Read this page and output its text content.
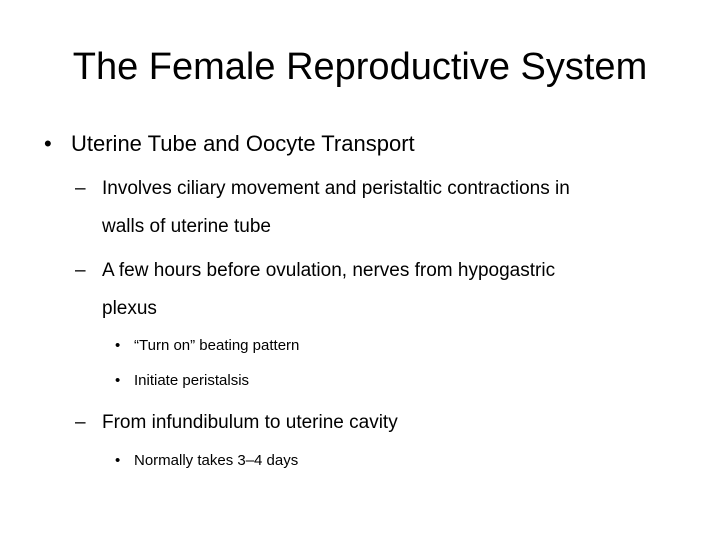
The Female Reproductive System
• Uterine Tube and Oocyte Transport
– Involves ciliary movement and peristaltic contractions in
walls of uterine tube
– A few hours before ovulation, nerves from hypogastric
plexus
• “Turn on” beating pattern
• Initiate peristalsis
– From infundibulum to uterine cavity
• Normally takes 3–4 days
